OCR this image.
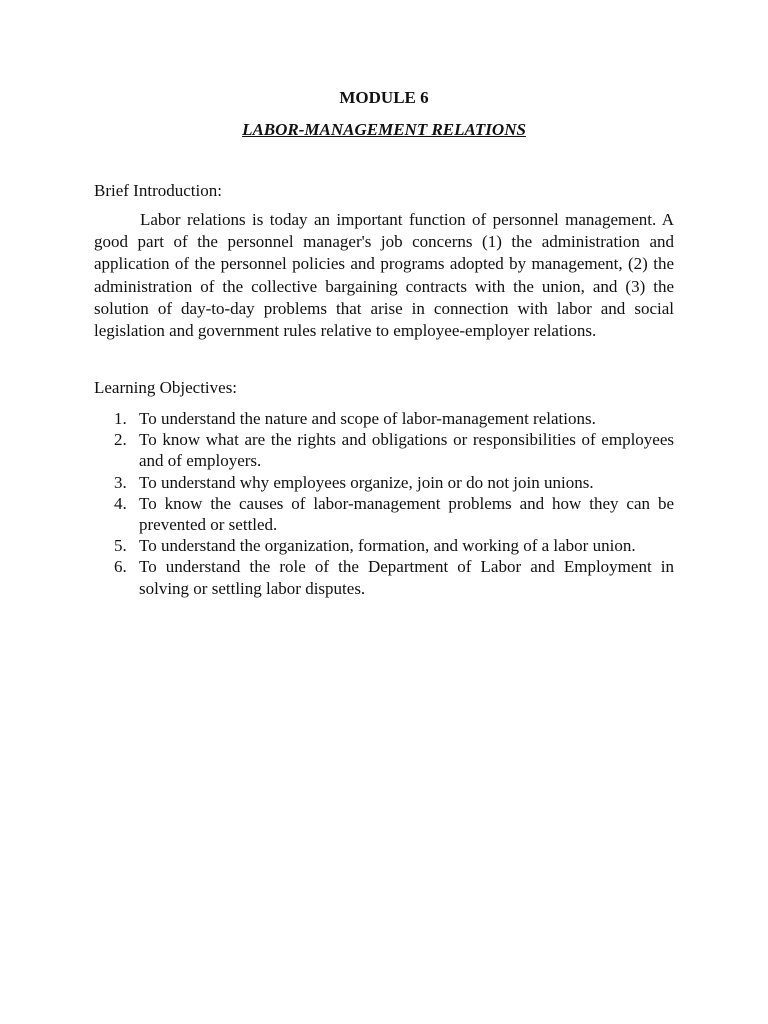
MODULE 6
LABOR-MANAGEMENT RELATIONS
Brief Introduction:

Labor relations is today an important function of personnel management. A good part of the personnel manager's job concerns (1) the administration and application of the personnel policies and programs adopted by management, (2) the administration of the collective bargaining contracts with the union, and (3) the solution of day-to-day problems that arise in connection with labor and social legislation and government rules relative to employee-employer relations.

Learning Objectives:
1. To understand the nature and scope of labor-management relations.
2. To know what are the rights and obligations or responsibilities of employees and of employers.
3. To understand why employees organize, join or do not join unions.
4. To know the causes of labor-management problems and how they can be prevented or settled.
5. To understand the organization, formation, and working of a labor union.
6. To understand the role of the Department of Labor and Employment in solving or settling labor disputes.
